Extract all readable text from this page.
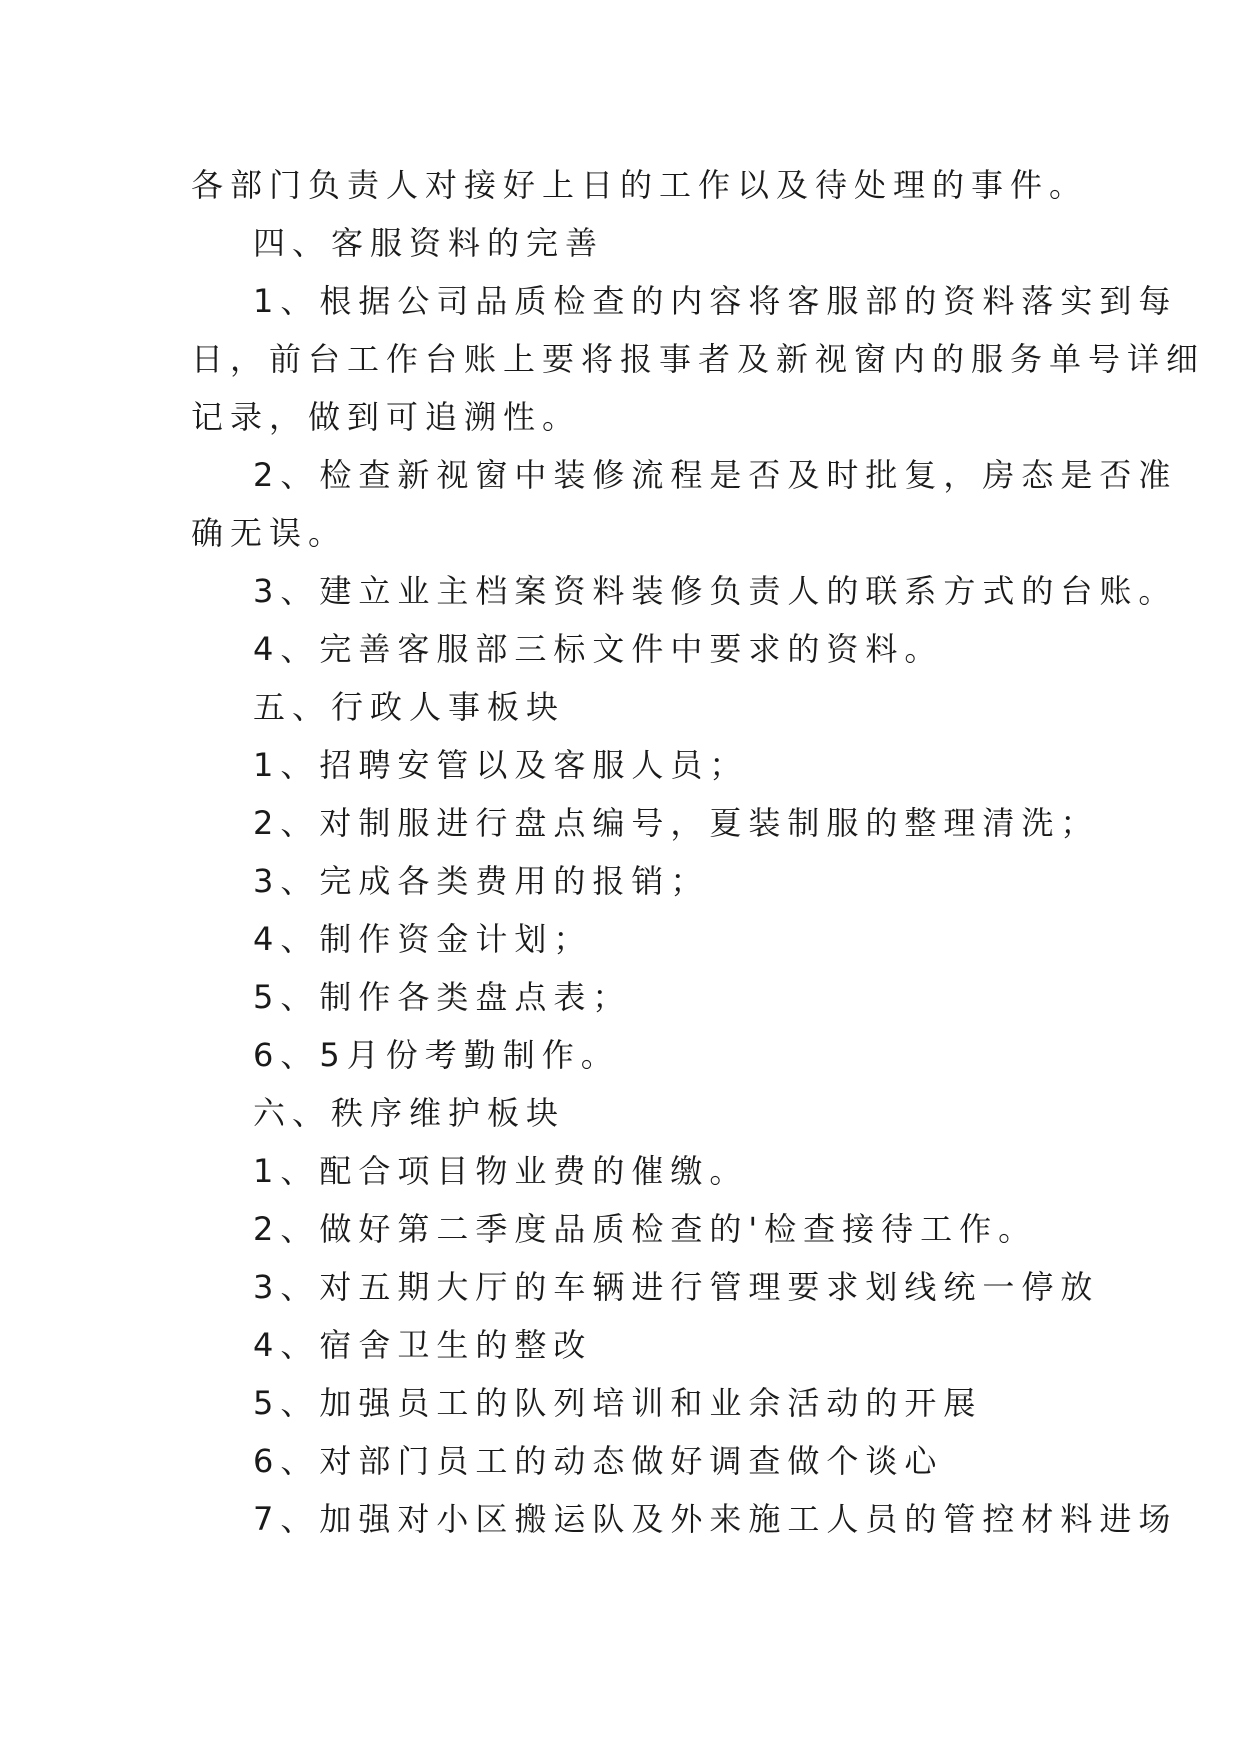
各部门负责人对接好上日的工作以及待处理的事件。
四、客服资料的完善
1、根据公司品质检查的内容将客服部的资料落实到每
日，前台工作台账上要将报事者及新视窗内的服务单号详细
记录，做到可追溯性。
2、检查新视窗中装修流程是否及时批复，房态是否准
确无误。
3、建立业主档案资料装修负责人的联系方式的台账。
4、完善客服部三标文件中要求的资料。
五、行政人事板块
1、招聘安管以及客服人员；
2、对制服进行盘点编号，夏装制服的整理清洗；
3、完成各类费用的报销；
4、制作资金计划；
5、制作各类盘点表；
6、5月份考勤制作。
六、秩序维护板块
1、配合项目物业费的催缴。
2、做好第二季度品质检查的'检查接待工作。
3、对五期大厅的车辆进行管理要求划线统一停放
4、宿舍卫生的整改
5、加强员工的队列培训和业余活动的开展
6、对部门员工的动态做好调查做个谈心
7、加强对小区搬运队及外来施工人员的管控材料进场
